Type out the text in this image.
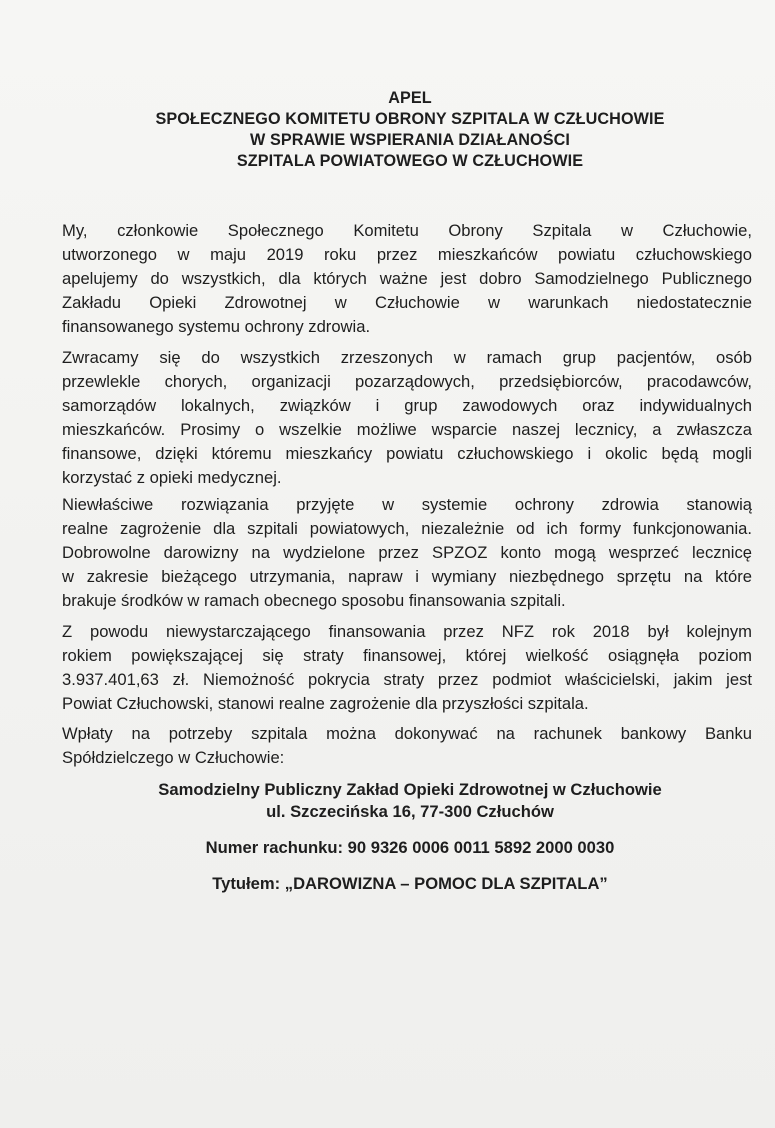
APEL
SPOŁECZNEGO KOMITETU OBRONY SZPITALA W CZŁUCHOWIE
W SPRAWIE WSPIERANIA DZIAŁANOŚCI
SZPITALA POWIATOWEGO W CZŁUCHOWIE
My, członkowie Społecznego Komitetu Obrony Szpitala w Człuchowie,
utworzonego w maju 2019 roku przez mieszkańców powiatu człuchowskiego
apelujemy do wszystkich, dla których ważne jest dobro Samodzielnego Publicznego
Zakładu Opieki Zdrowotnej w Człuchowie w warunkach niedostatecznie
finansowanego systemu ochrony zdrowia.
Zwracamy się do wszystkich zrzeszonych w ramach grup pacjentów, osób
przewlekle chorych, organizacji pozarządowych, przedsiębiorców, pracodawców,
samorządów lokalnych, związków i grup zawodowych oraz indywidualnych
mieszkańców. Prosimy o wszelkie możliwe wsparcie naszej lecznicy, a zwłaszcza
finansowe, dzięki któremu mieszkańcy powiatu człuchowskiego i okolic będą mogli
korzystać z opieki medycznej.
Niewłaściwe rozwiązania przyjęte w systemie ochrony zdrowia stanowią
realne zagrożenie dla szpitali powiatowych, niezależnie od ich formy funkcjonowania.
Dobrowolne darowizny na wydzielone przez SPZOZ konto mogą wesprzeć lecznicę
w zakresie bieżącego utrzymania, napraw i wymiany niezbędnego sprzętu na które
brakuje środków w ramach obecnego sposobu finansowania szpitali.
Z powodu niewystarczającego finansowania przez NFZ rok 2018 był kolejnym
rokiem powiększającej się straty finansowej, której wielkość osiągnęła poziom
3.937.401,63 zł. Niemożność pokrycia straty przez podmiot właścicielski, jakim jest
Powiat Człuchowski, stanowi realne zagrożenie dla przyszłości szpitala.
Wpłaty na potrzeby szpitala można dokonywać na rachunek bankowy Banku
Spółdzielczego w Człuchowie:
Samodzielny Publiczny Zakład Opieki Zdrowotnej w Człuchowie
ul. Szczecińska 16, 77-300 Człuchów
Numer rachunku: 90 9326 0006 0011 5892 2000 0030
Tytułem: „DAROWIZNA – POMOC DLA SZPITALA”
